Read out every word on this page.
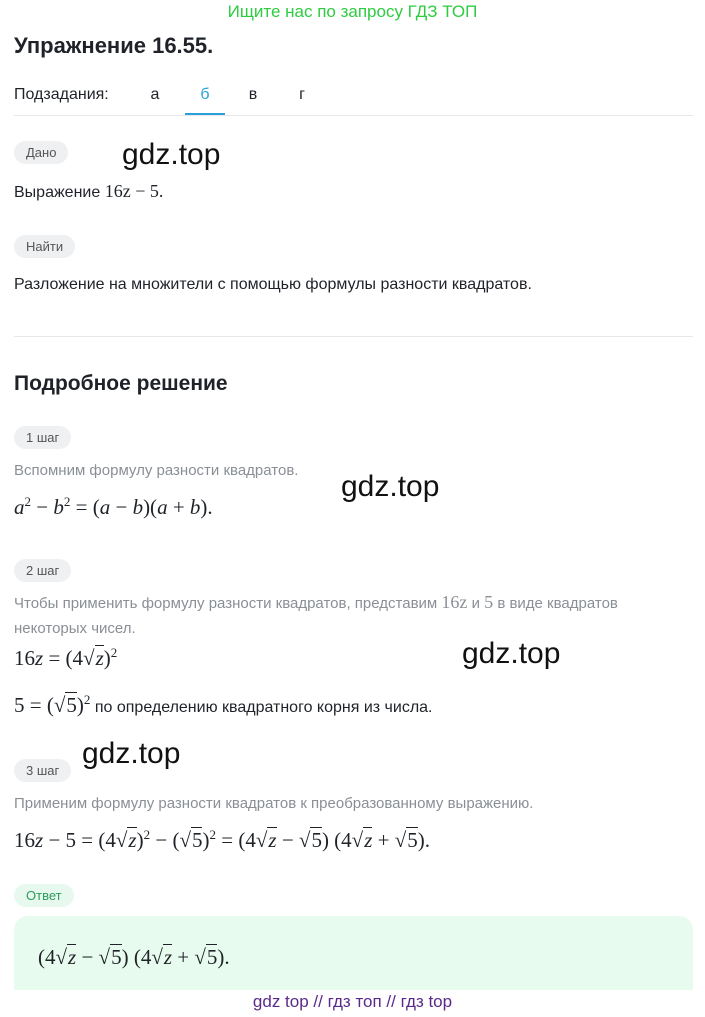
Ищите нас по запросу ГДЗ ТОП
Упражнение 16.55.
Подзадания:	а	б	в	г
Дано	gdz.top
Выражение 16z − 5.
Найти
Разложение на множители с помощью формулы разности квадратов.
Подробное решение
1 шаг
Вспомним формулу разности квадратов. gdz.top
$a^2 - b^2 = (a - b)(a + b)$.
2 шаг
Чтобы применить формулу разности квадратов, представим 16z и 5 в виде квадратов
некоторых чисел.
$16z = (4√z)^2$	gdz.top
$5 = (√5)^2$ по определению квадратного корня из числа.
gdz.top
3 шаг
Применим формулу разности квадратов к преобразованному выражению.
$16z - 5 = (4√z)^2 - (√5)^2 = (4√z - √5) (4√z + √5)$.
Ответ
(4√z − √5) (4√z + √5).
gdz top // гдз топ // гдз top
